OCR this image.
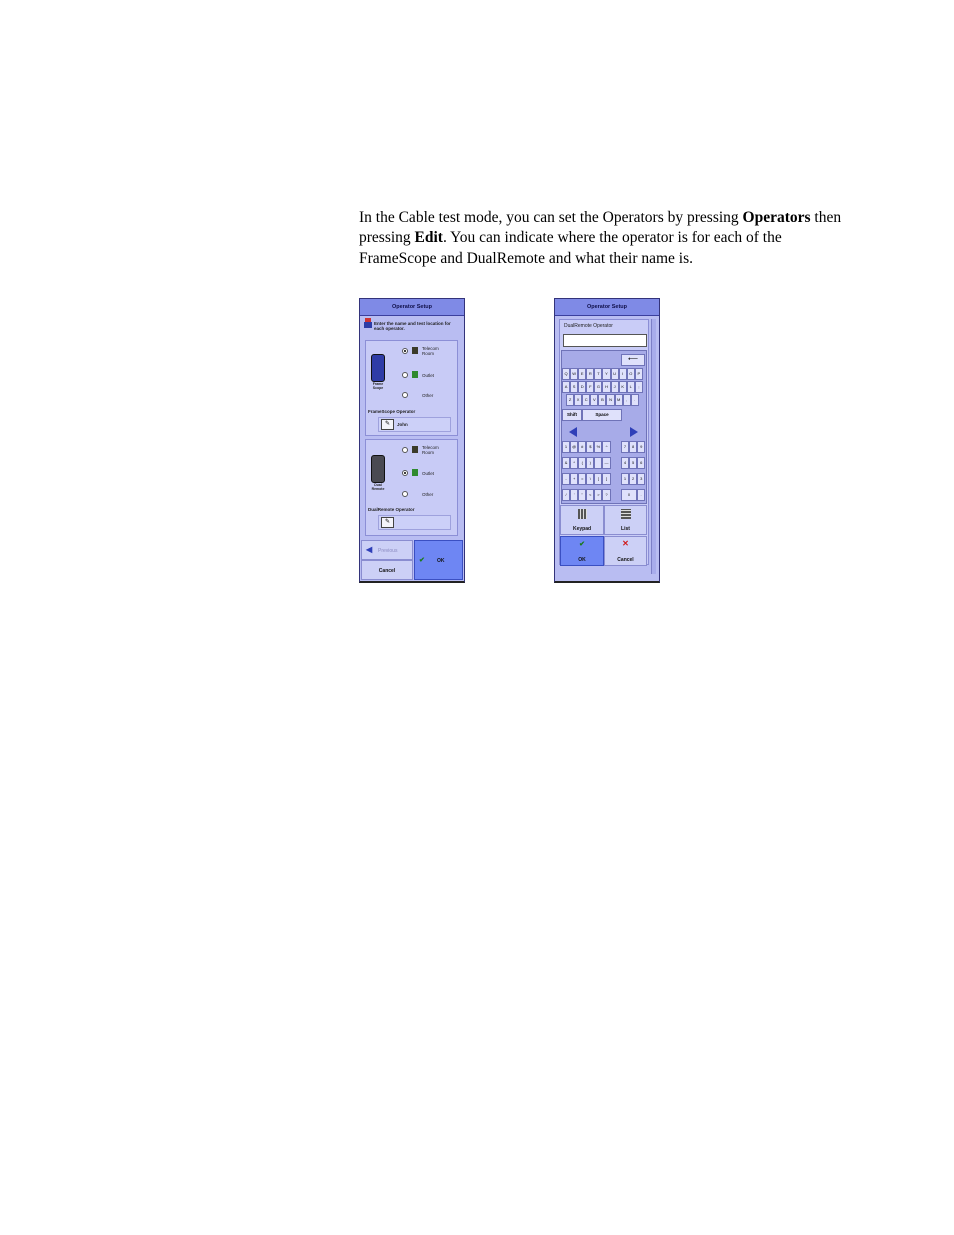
In the Cable test mode, you can set the Operators by pressing Operators then pressing Edit. You can indicate where the operator is for each of the FrameScope and DualRemote and what their name is.

Operator Setup
Enter the name and test location for each operator.
Frame Scope
Telecom Room
Outlet
Other
FrameScope Operator
✎	John
Dual Remote
Telecom Room
Outlet
Other
DualRemote Operator
✎
◀ Previous
Cancel
✔ OK
Operator Setup
DualRemote Operator
⟵
Q	W	E	R	T	Y	U	I	O	P
A	S	D	F	G	H	J	K	L	;
Z	X	C	V	B	N	M	,	.
Shift	Space
1	@	#	$	%	^
&	*	(	)	—
-	+	=	\	[	]
/	'	"	<	>	?
7	8	9
4	5	6
1	2	3
0	.
Keypad	List
✔
OK
✕
Cancel
